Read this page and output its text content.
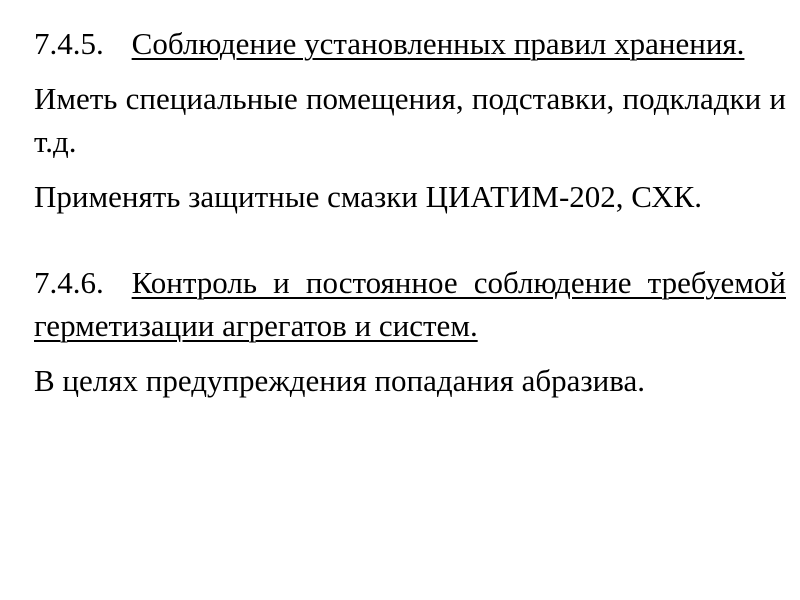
7.4.5. Соблюдение установленных правил хранения.

Иметь специальные помещения, подставки, подкладки и т.д.

Применять защитные смазки ЦИАТИМ-202, СХК.

7.4.6. Контроль и постоянное соблюдение требуемой герметизации агрегатов и систем.

В целях предупреждения попадания абразива.
